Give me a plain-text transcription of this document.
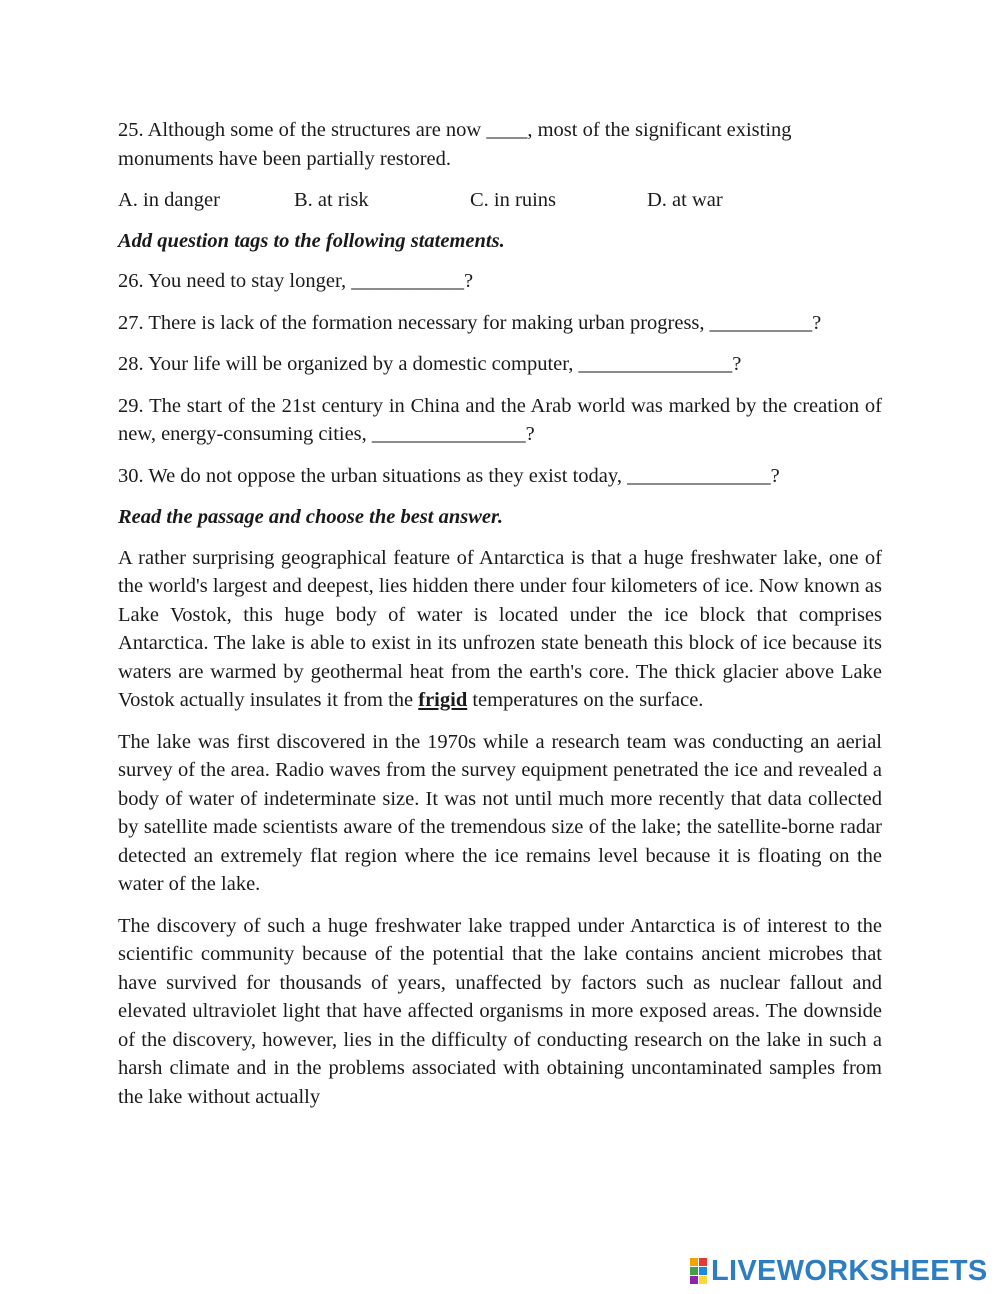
25. Although some of the structures are now ____, most of the significant existing monuments have been partially restored.

A. in danger	B. at risk	C. in ruins	D. at war

Add question tags to the following statements.

26. You need to stay longer, ___________?

27. There is lack of the formation necessary for making urban progress, __________?

28. Your life will be organized by a domestic computer, _______________?

29. The start of the 21st century in China and the Arab world was marked by the creation of new, energy-consuming cities, _______________?

30. We do not oppose the urban situations as they exist today, ______________?

Read the passage and choose the best answer.

A rather surprising geographical feature of Antarctica is that a huge freshwater lake, one of the world's largest and deepest, lies hidden there under four kilometers of ice. Now known as Lake Vostok, this huge body of water is located under the ice block that comprises Antarctica. The lake is able to exist in its unfrozen state beneath this block of ice because its waters are warmed by geothermal heat from the earth's core. The thick glacier above Lake Vostok actually insulates it from the frigid temperatures on the surface.

The lake was first discovered in the 1970s while a research team was conducting an aerial survey of the area. Radio waves from the survey equipment penetrated the ice and revealed a body of water of indeterminate size. It was not until much more recently that data collected by satellite made scientists aware of the tremendous size of the lake; the satellite-borne radar detected an extremely flat region where the ice remains level because it is floating on the water of the lake.

The discovery of such a huge freshwater lake trapped under Antarctica is of interest to the scientific community because of the potential that the lake contains ancient microbes that have survived for thousands of years, unaffected by factors such as nuclear fallout and elevated ultraviolet light that have affected organisms in more exposed areas. The downside of the discovery, however, lies in the difficulty of conducting research on the lake in such a harsh climate and in the problems associated with obtaining uncontaminated samples from the lake without actually

LIVEWORKSHEETS
